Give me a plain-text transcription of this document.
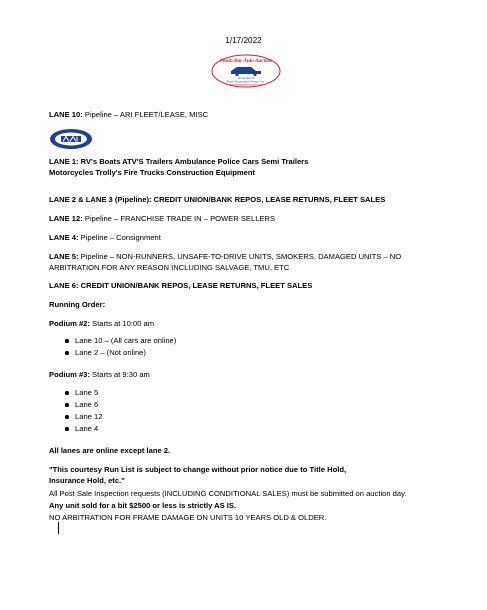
1/17/2022
South Bay Auto Auction
A member of
Point Automotive Group, Inc.
www.southbayautoauction.com
LANE 10: Pipeline – ARI FLEET/LEASE, MISC
LANE 1: RV's Boats ATV'S Trailers Ambulance Police Cars Semi Trailers
Motorcycles Trolly's Fire Trucks Construction Equipment
LANE 2 & LANE 3 (Pipeline): CREDIT UNION/BANK REPOS, LEASE RETURNS, FLEET SALES
LANE 12: Pipeline – FRANCHISE TRADE IN – POWER SELLERS
LANE 4: Pipeline – Consignment
LANE 5: Pipeline – NON-RUNNERS, UNSAFE-TO-DRIVE UNITS, SMOKERS, DAMAGED UNITS – NO
ARBITRATION FOR ANY REASON INCLUDING SALVAGE, TMU, ETC
LANE 6: CREDIT UNION/BANK REPOS, LEASE RETURNS, FLEET SALES
Running Order:
Podium #2: Starts at 10:00 am
Lane 10 – (All cars are online)
Lane 2 – (Not online)
Podium #3: Starts at 9:30 am
Lane 5
Lane 6
Lane 12
Lane 4
All lanes are online except lane 2.
"This courtesy Run List is subject to change without prior notice due to Title Hold,
Insurance Hold, etc."
All Post Sale Inspection requests (INCLUDING CONDITIONAL SALES) must be submitted on auction day.
Any unit sold for a bit $2500 or less is strictly AS IS.
NO ARBITRATION FOR FRAME DAMAGE ON UNITS 10 YEARS OLD & OLDER.
